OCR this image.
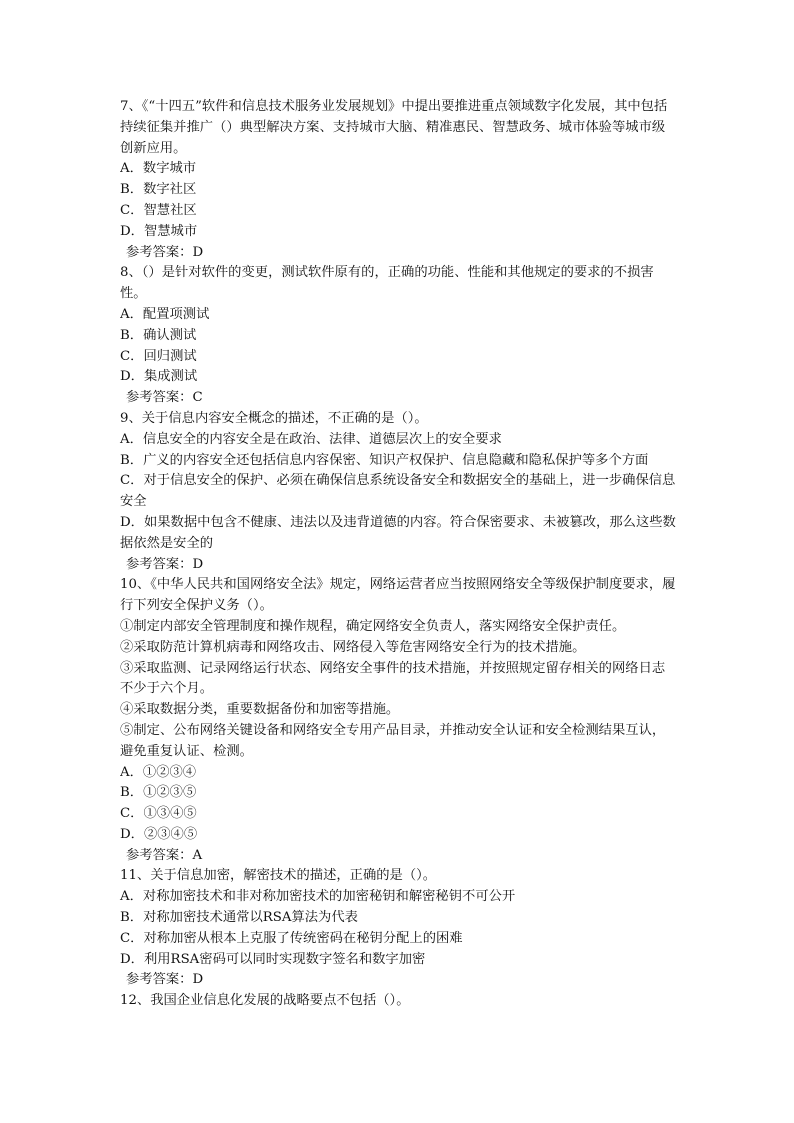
7、《“十四五”软件和信息技术服务业发展规划》中提出要推进重点领域数字化发展，其中包括持续征集并推广（）典型解决方案、支持城市大脑、精准惠民、智慧政务、城市体验等城市级创新应用。
A．数字城市
B．数字社区
C．智慧社区
D．智慧城市
参考答案：D
8、（）是针对软件的变更，测试软件原有的，正确的功能、性能和其他规定的要求的不损害性。
A．配置项测试
B．确认测试
C．回归测试
D．集成测试
参考答案：C
9、关于信息内容安全概念的描述，不正确的是（）。
A．信息安全的内容安全是在政治、法律、道德层次上的安全要求
B．广义的内容安全还包括信息内容保密、知识产权保护、信息隐藏和隐私保护等多个方面
C．对于信息安全的保护、必须在确保信息系统设备安全和数据安全的基础上，进一步确保信息安全
D．如果数据中包含不健康、违法以及违背道德的内容。符合保密要求、未被篡改，那么这些数据依然是安全的
参考答案：D
10、《中华人民共和国网络安全法》规定，网络运营者应当按照网络安全等级保护制度要求，履行下列安全保护义务（）。
①制定内部安全管理制度和操作规程，确定网络安全负责人，落实网络安全保护责任。
②采取防范计算机病毒和网络攻击、网络侵入等危害网络安全行为的技术措施。
③采取监测、记录网络运行状态、网络安全事件的技术措施，并按照规定留存相关的网络日志不少于六个月。
④采取数据分类，重要数据备份和加密等措施。
⑤制定、公布网络关键设备和网络安全专用产品目录，并推动安全认证和安全检测结果互认，避免重复认证、检测。
A．①②③④
B．①②③⑤
C．①③④⑤
D．②③④⑤
参考答案：A
11、关于信息加密，解密技术的描述，正确的是（）。
A．对称加密技术和非对称加密技术的加密秘钥和解密秘钥不可公开
B．对称加密技术通常以RSA算法为代表
C．对称加密从根本上克服了传统密码在秘钥分配上的困难
D．利用RSA密码可以同时实现数字签名和数字加密
参考答案：D
12、我国企业信息化发展的战略要点不包括（）。
